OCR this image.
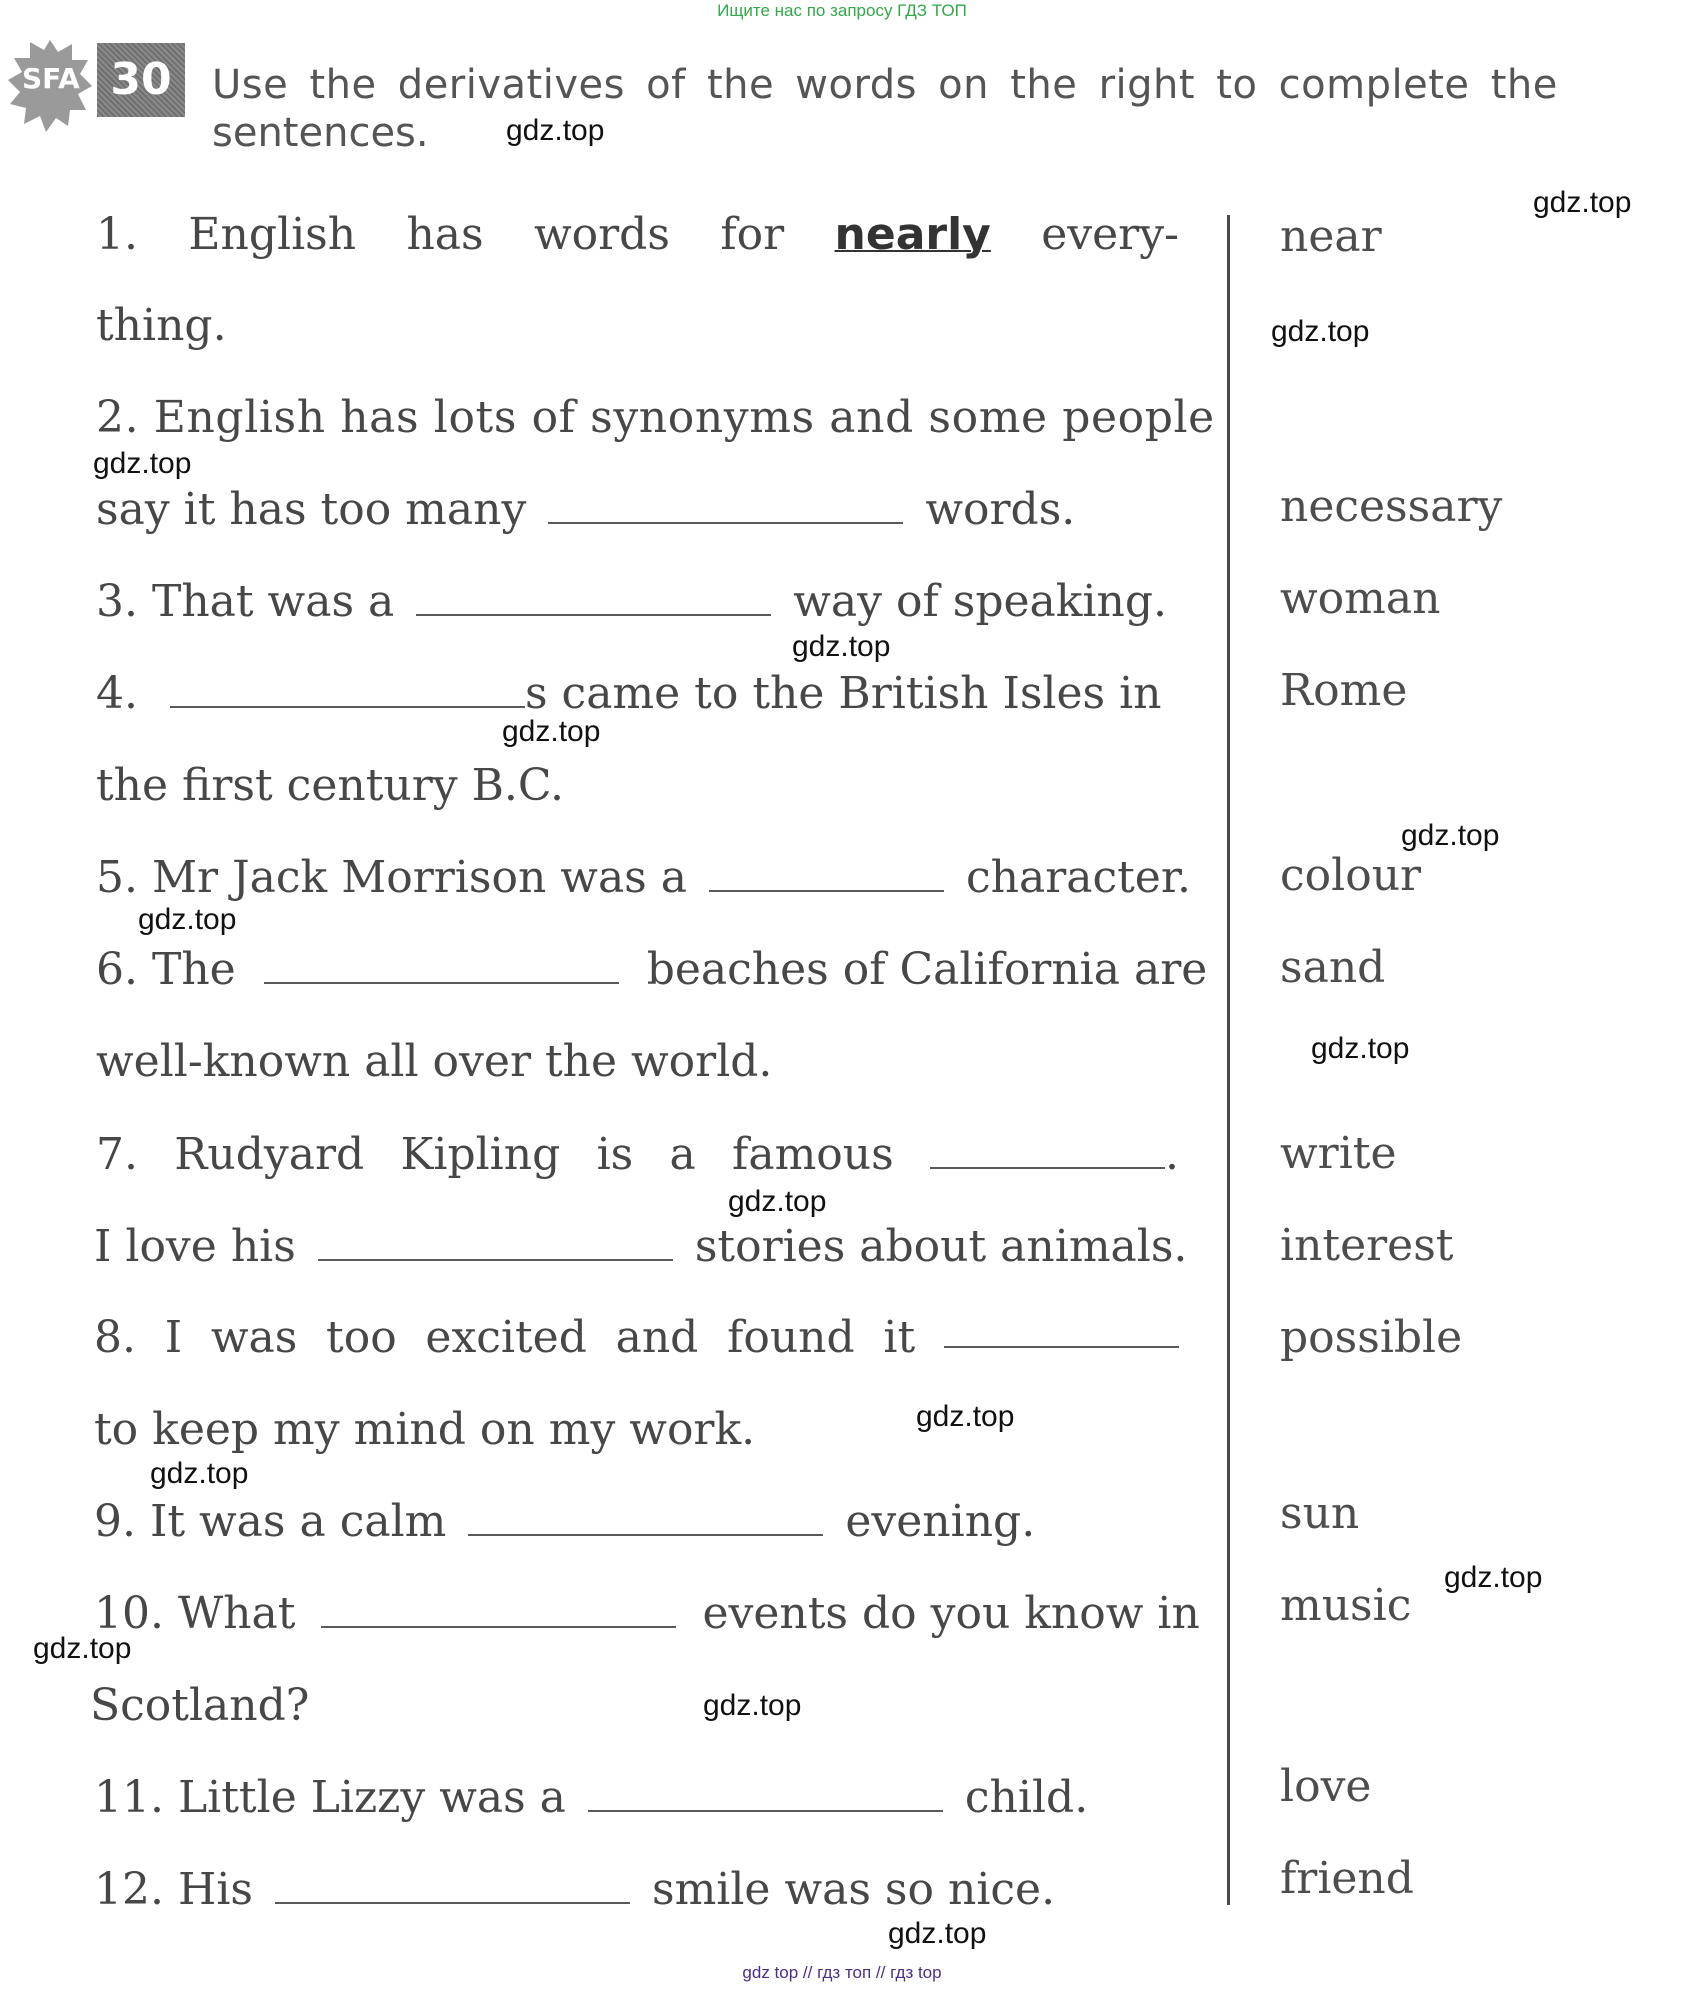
Ищите нас по запросу ГДЗ ТОП
SFA 30	Use the derivatives of the words on the right to complete the
sentences.
1. English has words for nearly every-
thing.
2. English has lots of synonyms and some people
say it has too many	words.
3. That was a	way of speaking.
4.	s came to the British Isles in
the first century B.C.
5. Mr Jack Morrison was a	character.
6. The	beaches of California are
well-known all over the world.
7. Rudyard Kipling is a famous	.
I love his	stories about animals.
8. I was too excited and found it
to keep my mind on my work.
9. It was a calm	evening.
10. What	events do you know in
Scotland?
11. Little Lizzy was a	child.
12. His	smile was so nice.
near
necessary
woman
Rome
colour
sand
write
interest
possible
sun
music
love
friend
gdz.top
gdz.top
gdz.top
gdz.top
gdz.top
gdz.top
gdz.top
gdz.top
gdz.top
gdz.top
gdz.top
gdz.top
gdz.top
gdz.top
gdz.top
gdz.top
gdz top // гдз топ // гдз top
